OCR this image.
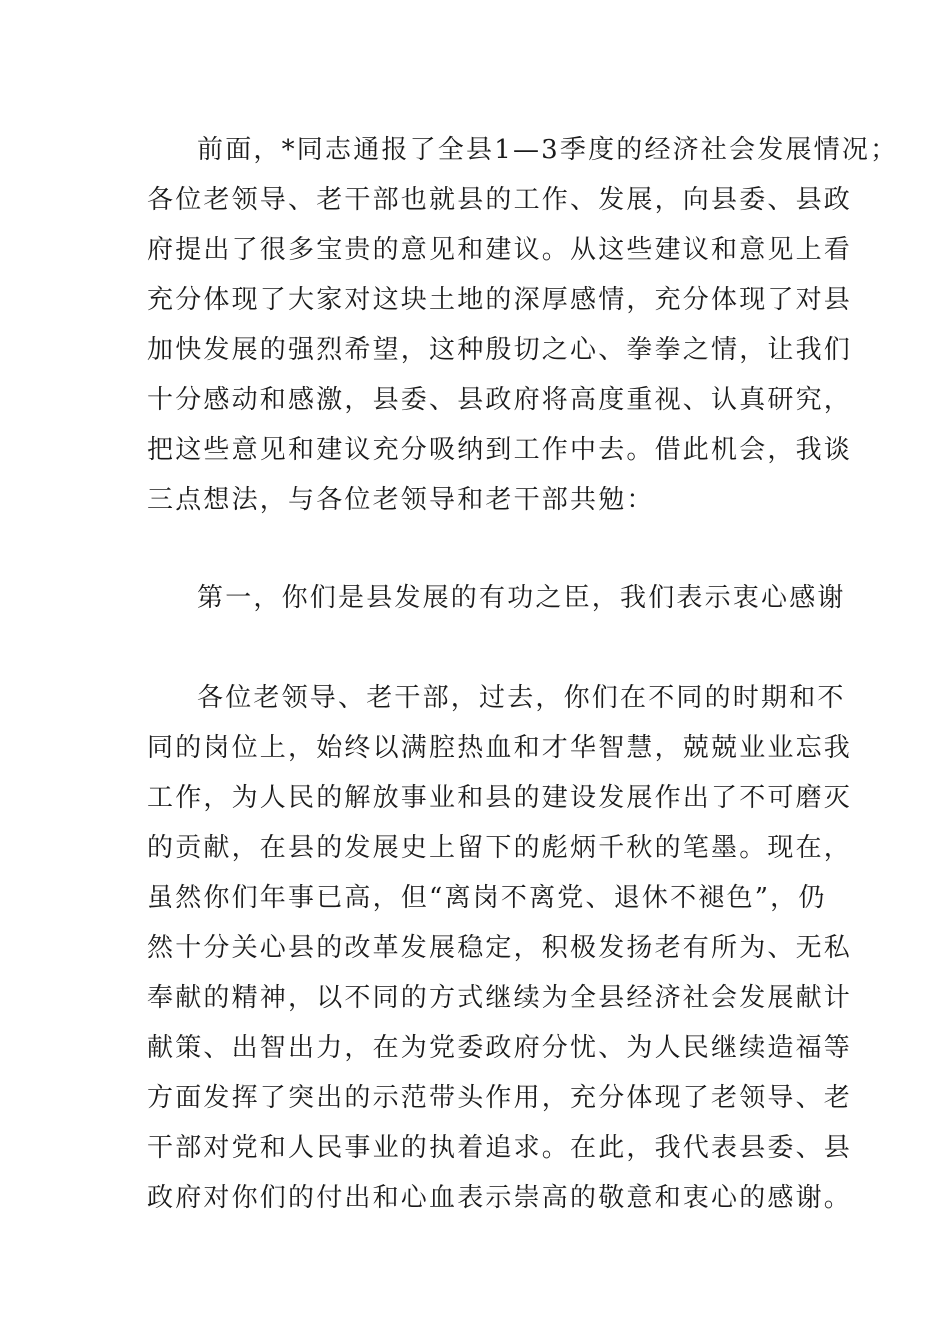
前面，*同志通报了全县1—3季度的经济社会发展情况；
各位老领导、老干部也就县的工作、发展，向县委、县政
府提出了很多宝贵的意见和建议。从这些建议和意见上看
充分体现了大家对这块土地的深厚感情，充分体现了对县
加快发展的强烈希望，这种殷切之心、拳拳之情，让我们
十分感动和感激，县委、县政府将高度重视、认真研究，
把这些意见和建议充分吸纳到工作中去。借此机会，我谈
三点想法，与各位老领导和老干部共勉：
第一，你们是县发展的有功之臣，我们表示衷心感谢
各位老领导、老干部，过去，你们在不同的时期和不
同的岗位上，始终以满腔热血和才华智慧，兢兢业业忘我
工作，为人民的解放事业和县的建设发展作出了不可磨灭
的贡献，在县的发展史上留下的彪炳千秋的笔墨。现在，
虽然你们年事已高，但“离岗不离党、退休不褪色”，仍
然十分关心县的改革发展稳定，积极发扬老有所为、无私
奉献的精神，以不同的方式继续为全县经济社会发展献计
献策、出智出力，在为党委政府分忧、为人民继续造福等
方面发挥了突出的示范带头作用，充分体现了老领导、老
干部对党和人民事业的执着追求。在此，我代表县委、县
政府对你们的付出和心血表示崇高的敬意和衷心的感谢。
